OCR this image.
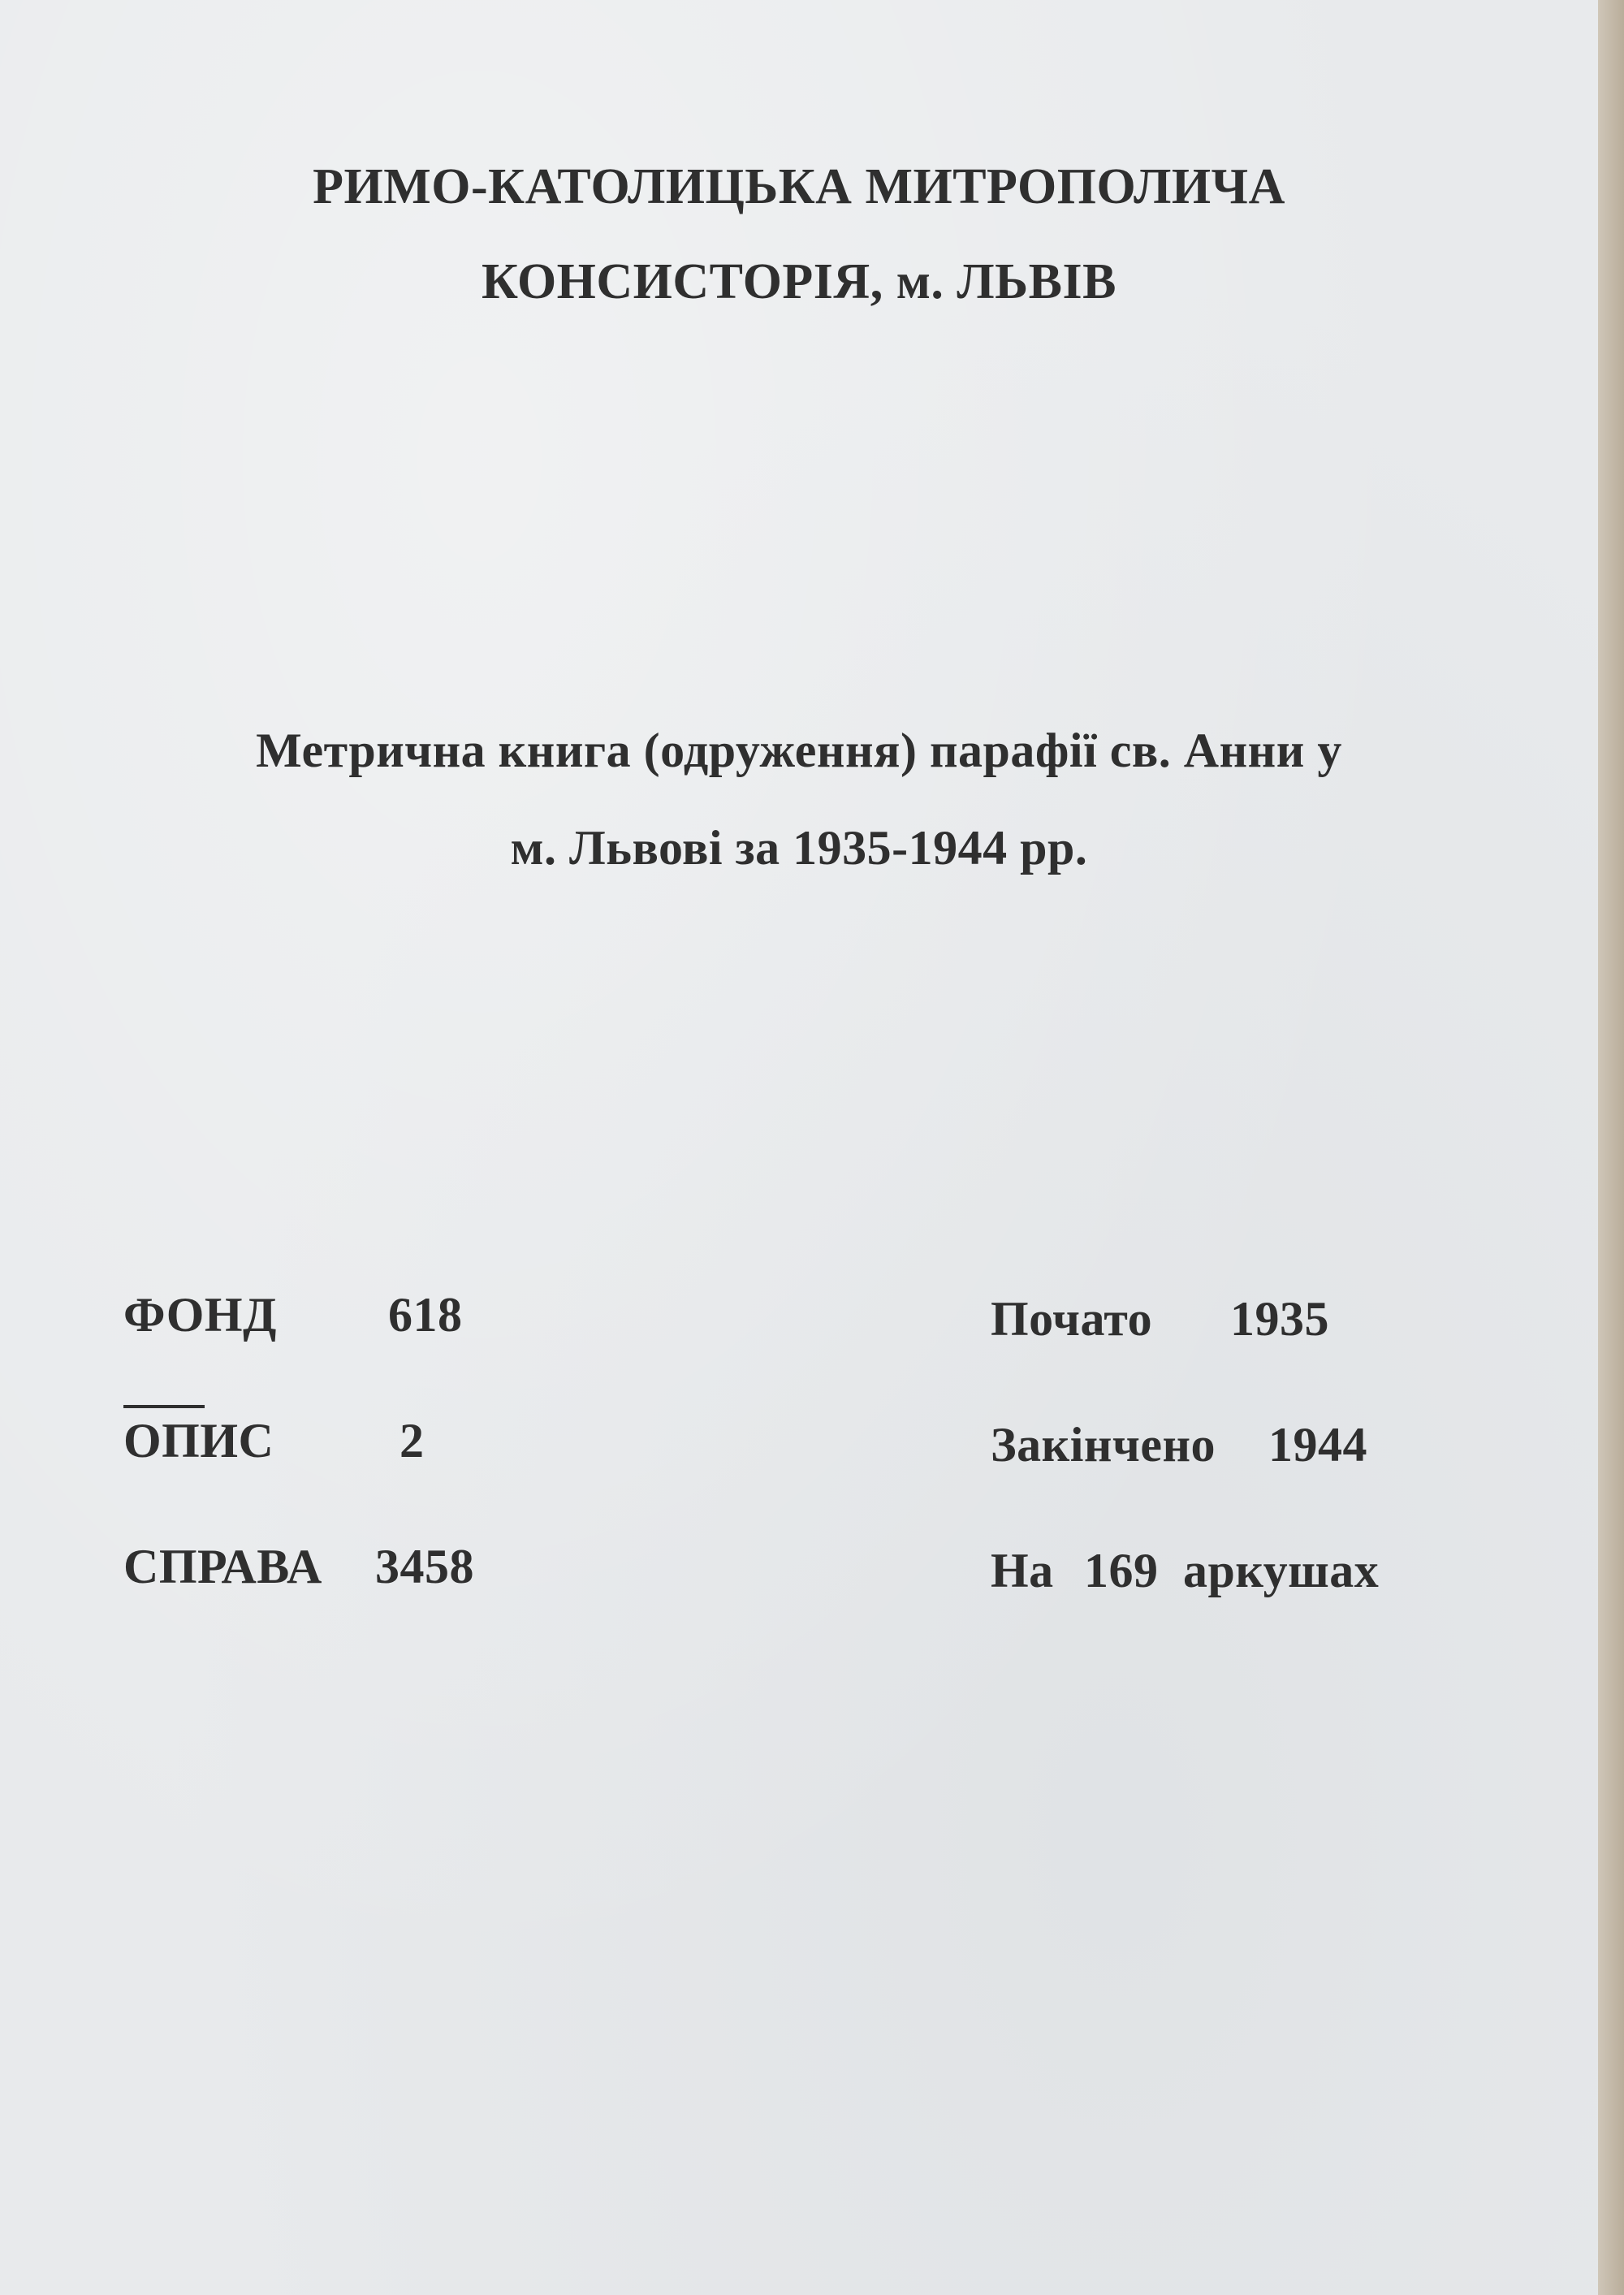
РИМО-КАТОЛИЦЬКА МИТРОПОЛИЧА
КОНСИСТОРІЯ, м. ЛЬВІВ
Метрична книга (одруження) парафії св. Анни у
м. Львові за 1935-1944 рр.
ФОНД 618
ОПИС	2
СПРАВА 3458
Почато 1935
Закінчено 1944
На 169 аркушах
